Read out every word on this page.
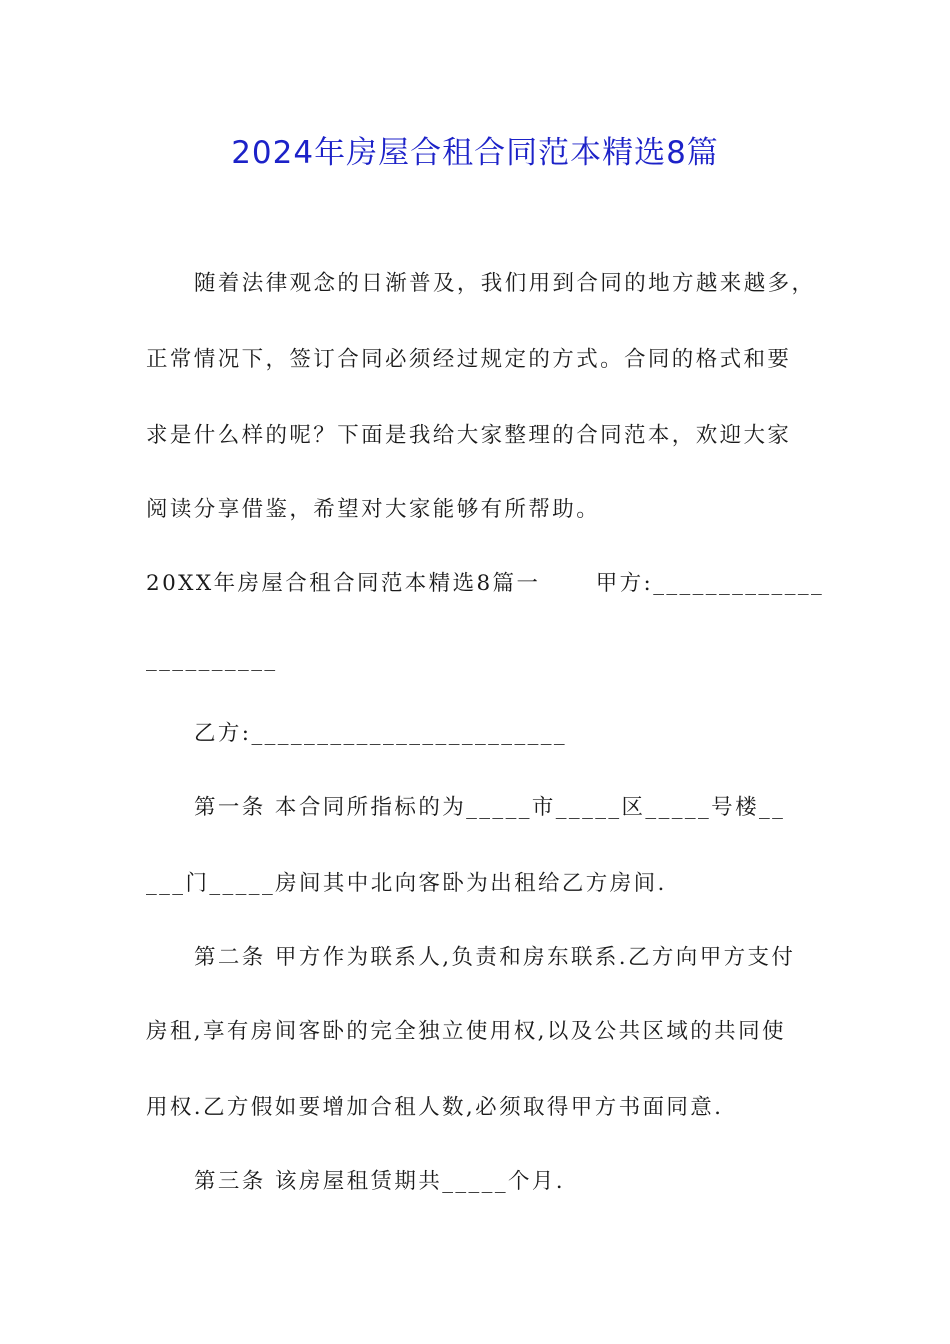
2024年房屋合租合同范本精选8篇
随着法律观念的日渐普及，我们用到合同的地方越来越多，
正常情况下，签订合同必须经过规定的方式。合同的格式和要
求是什么样的呢？下面是我给大家整理的合同范本，欢迎大家
阅读分享借鉴，希望对大家能够有所帮助。
20XX年房屋合租合同范本精选8篇一      甲方:_____________
__________
乙方:________________________
第一条 本合同所指标的为_____市_____区_____号楼__
___门_____房间其中北向客卧为出租给乙方房间.
第二条 甲方作为联系人,负责和房东联系.乙方向甲方支付
房租,享有房间客卧的完全独立使用权,以及公共区域的共同使
用权.乙方假如要增加合租人数,必须取得甲方书面同意.
第三条 该房屋租赁期共_____个月.
